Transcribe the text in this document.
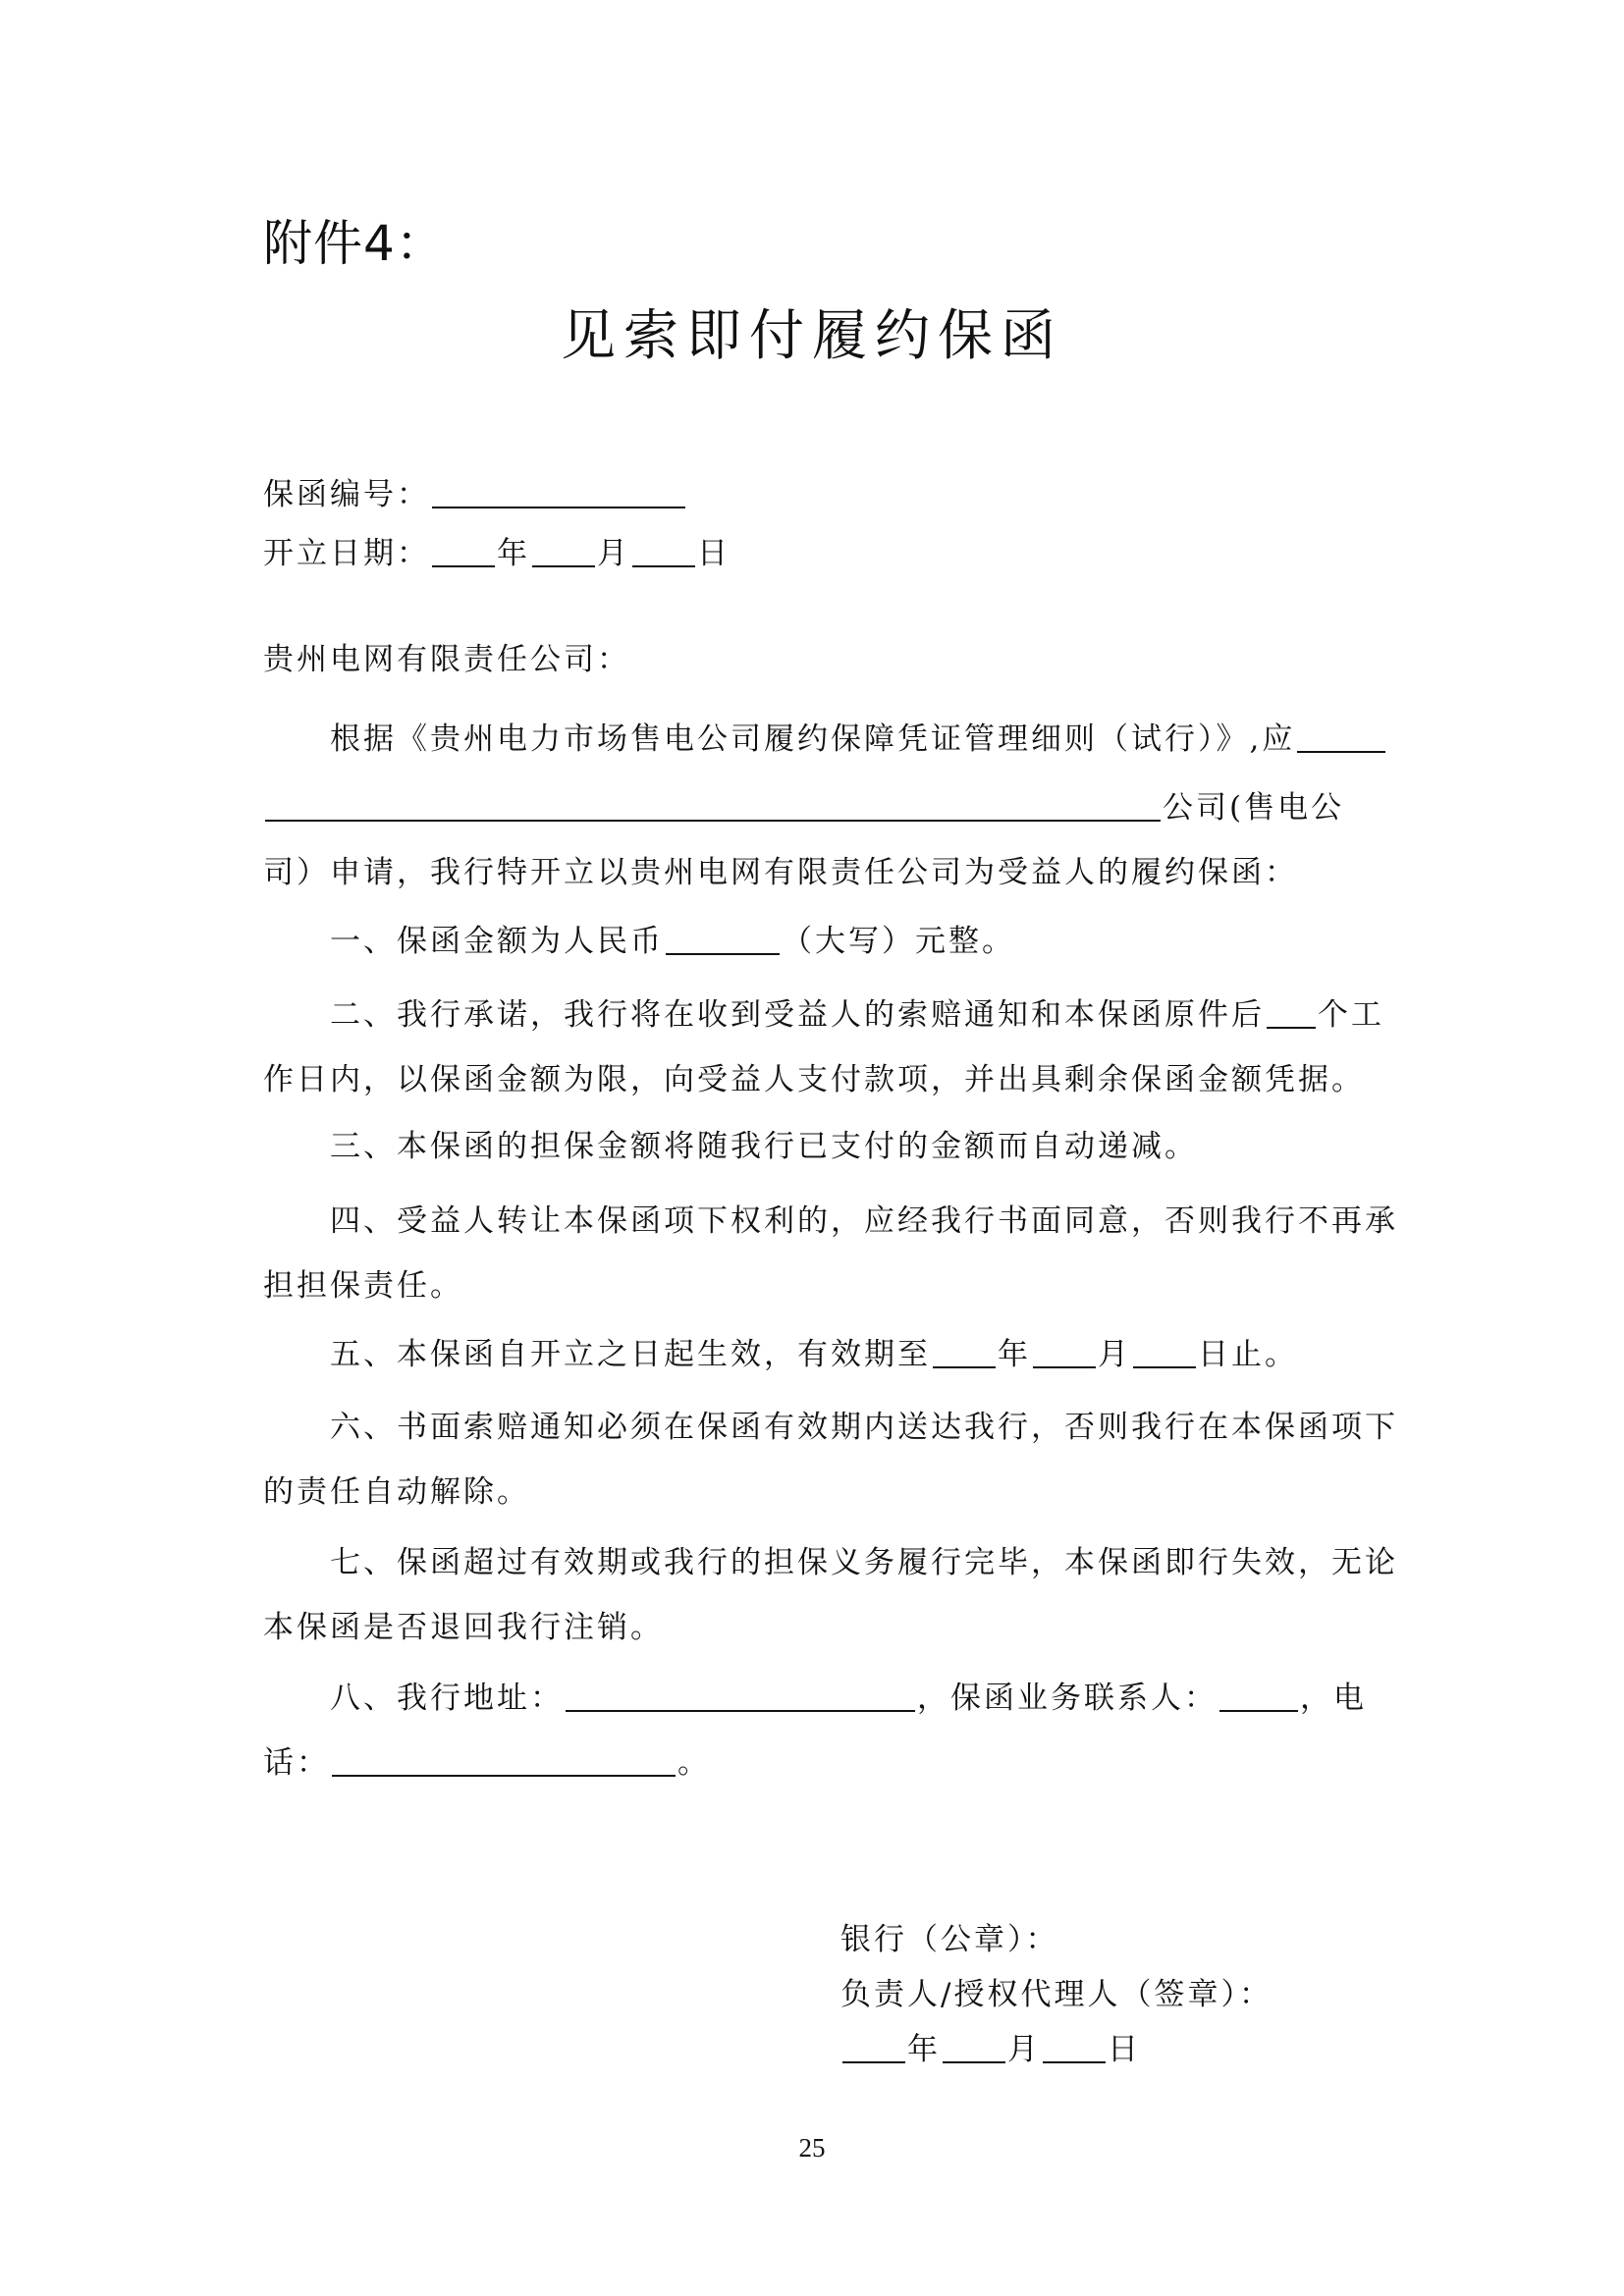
附件4：
见索即付履约保函
保函编号：
开立日期： 年 月 日
贵州电网有限责任公司：
根据《贵州电力市场售电公司履约保障凭证管理细则（试行）》,应
公司(售电公
司）申请，我行特开立以贵州电网有限责任公司为受益人的履约保函：
一、保函金额为人民币	（大写）元整。
二、我行承诺，我行将在收到受益人的索赔通知和本保函原件后 个工
作日内，以保函金额为限，向受益人支付款项，并出具剩余保函金额凭据。
三、本保函的担保金额将随我行已支付的金额而自动递减。
四、受益人转让本保函项下权利的，应经我行书面同意，否则我行不再承
担担保责任。
五、本保函自开立之日起生效，有效期至 年 月 日止。
六、书面索赔通知必须在保函有效期内送达我行，否则我行在本保函项下
的责任自动解除。
七、保函超过有效期或我行的担保义务履行完毕，本保函即行失效，无论
本保函是否退回我行注销。
八、我行地址：	，保函业务联系人：	，电
话：	。
银行（公章）：
负责人/授权代理人（签章）：
年 月 日
25
